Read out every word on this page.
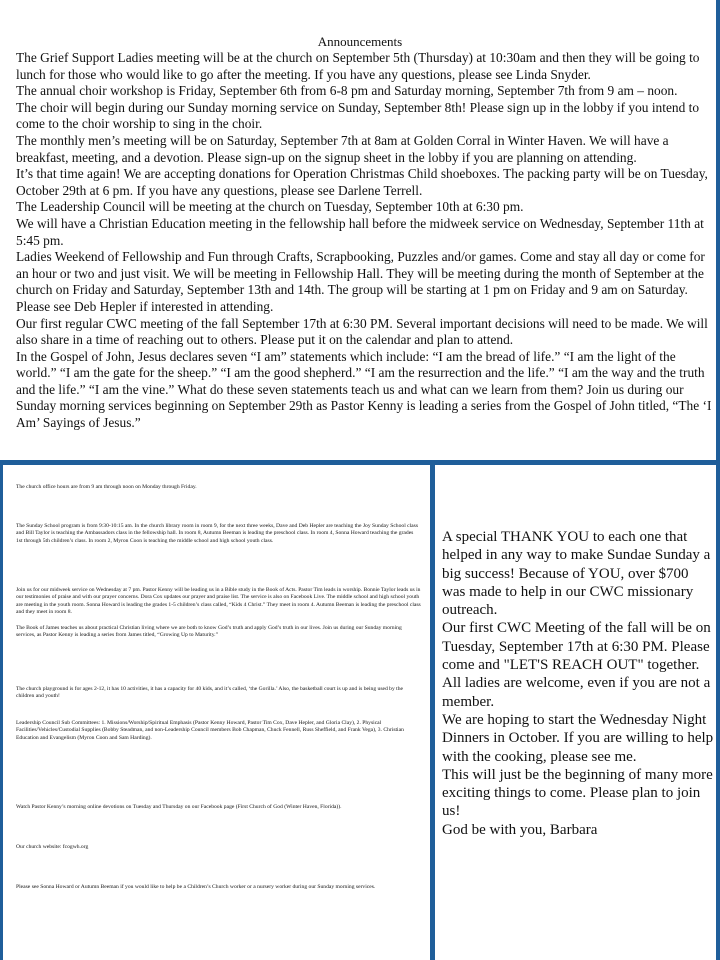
Announcements

The Grief Support Ladies meeting will be at the church on September 5th (Thursday) at 10:30am and then they will be going to lunch for those who would like to go after the meeting. If you have any questions, please see Linda Snyder.

The annual choir workshop is Friday, September 6th from 6-8 pm and Saturday morning, September 7th from 9 am – noon.

The choir will begin during our Sunday morning service on Sunday, September 8th! Please sign up in the lobby if you intend to come to the choir worship to sing in the choir.

The monthly men’s meeting will be on Saturday, September 7th at 8am at Golden Corral in Winter Haven. We will have a breakfast, meeting, and a devotion. Please sign-up on the signup sheet in the lobby if you are planning on attending.

It’s that time again! We are accepting donations for Operation Christmas Child shoeboxes. The packing party will be on Tuesday, October 29th at 6 pm. If you have any questions, please see Darlene Terrell.

The Leadership Council will be meeting at the church on Tuesday, September 10th at 6:30 pm.

We will have a Christian Education meeting in the fellowship hall before the midweek service on Wednesday, September 11th at 5:45 pm.

Ladies Weekend of Fellowship and Fun through Crafts, Scrapbooking, Puzzles and/or games. Come and stay all day or come for an hour or two and just visit. We will be meeting in Fellowship Hall. They will be meeting during the month of September at the church on Friday and Saturday, September 13th and 14th. The group will be starting at 1 pm on Friday and 9 am on Saturday. Please see Deb Hepler if interested in attending.

Our first regular CWC meeting of the fall September 17th at 6:30 PM. Several important decisions will need to be made. We will also share in a time of reaching out to others. Please put it on the calendar and plan to attend.

In the Gospel of John, Jesus declares seven “I am” statements which include: “I am the bread of life.” “I am the light of the world.” “I am the gate for the sheep.” “I am the good shepherd.” “I am the resurrection and the life.” “I am the way and the truth and the life.” “I am the vine.” What do these seven statements teach us and what can we learn from them? Join us during our Sunday morning services beginning on September 29th as Pastor Kenny is leading a series from the Gospel of John titled, “The ‘I Am’ Sayings of Jesus.”

The church office hours are from 9 am through noon on Monday through Friday.

The Sunday School program is from 9:30-10:15 am. In the church library room in room 9, for the next three weeks, Dave and Deb Hepler are teaching the Joy Sunday School class and Bill Taylor is teaching the Ambassadors class in the fellowship hall. In room 8, Autumn Beeman is leading the preschool class. In room 4, Sonna Howard teaching the grades 1st through 5th children’s class. In room 2, Myron Coon is teaching the middle school and high school youth class.

Join us for our midweek service on Wednesday at 7 pm. Pastor Kenny will be leading us in a Bible study in the Book of Acts. Pastor Tim leads in worship. Bonnie Taylor leads us in our testimonies of praise and with our prayer concerns. Dora Cox updates our prayer and praise list. The service is also on Facebook Live. The middle school and high school youth are meeting in the youth room. Sonna Howard is leading the grades 1-5 children’s class called, “Kids 4 Christ.” They meet in room 4. Autumn Beeman is leading the preschool class and they meet in room 8.

The Book of James teaches us about practical Christian living where we are both to know God’s truth and apply God’s truth in our lives. Join us during our Sunday morning services, as Pastor Kenny is leading a series from James titled, “Growing Up to Maturity.”

The church playground is for ages 2-12, it has 10 activities, it has a capacity for 40 kids, and it’s called, ‘the Gorilla.’ Also, the basketball court is up and is being used by the children and youth!

Leadership Council Sub Committees: 1. Missions/Worship/Spiritual Emphasis (Pastor Kenny Howard, Pastor Tim Cox, Dave Hepler, and Gloria Clay), 2. Physical Facilities/Vehicles/Custodial Supplies (Bobby Steadman, and non-Leadership Council members Bob Chapman, Chuck Fennell, Russ Sheffield, and Frank Vega), 3. Christian Education and Evangelism (Myron Coon and Sam Harding).

Watch Pastor Kenny’s morning online devotions on Tuesday and Thursday on our Facebook page (First Church of God (Winter Haven, Florida)).

Our church website: fcogwh.org

Please see Sonna Howard or Autumn Beeman if you would like to help be a Children’s Church worker or a nursery worker during our Sunday morning services.

A special THANK YOU to each one that helped in any way to make Sundae Sunday a big success! Because of YOU, over $700 was made to help in our CWC missionary outreach.

Our first CWC Meeting of the fall will be on Tuesday, September 17th at 6:30 PM. Please come and "LET'S REACH OUT" together. All ladies are welcome, even if you are not a member.

We are hoping to start the Wednesday Night Dinners in October. If you are willing to help with the cooking, please see me.

This will just be the beginning of many more exciting things to come. Please plan to join us!

God be with you, Barbara
